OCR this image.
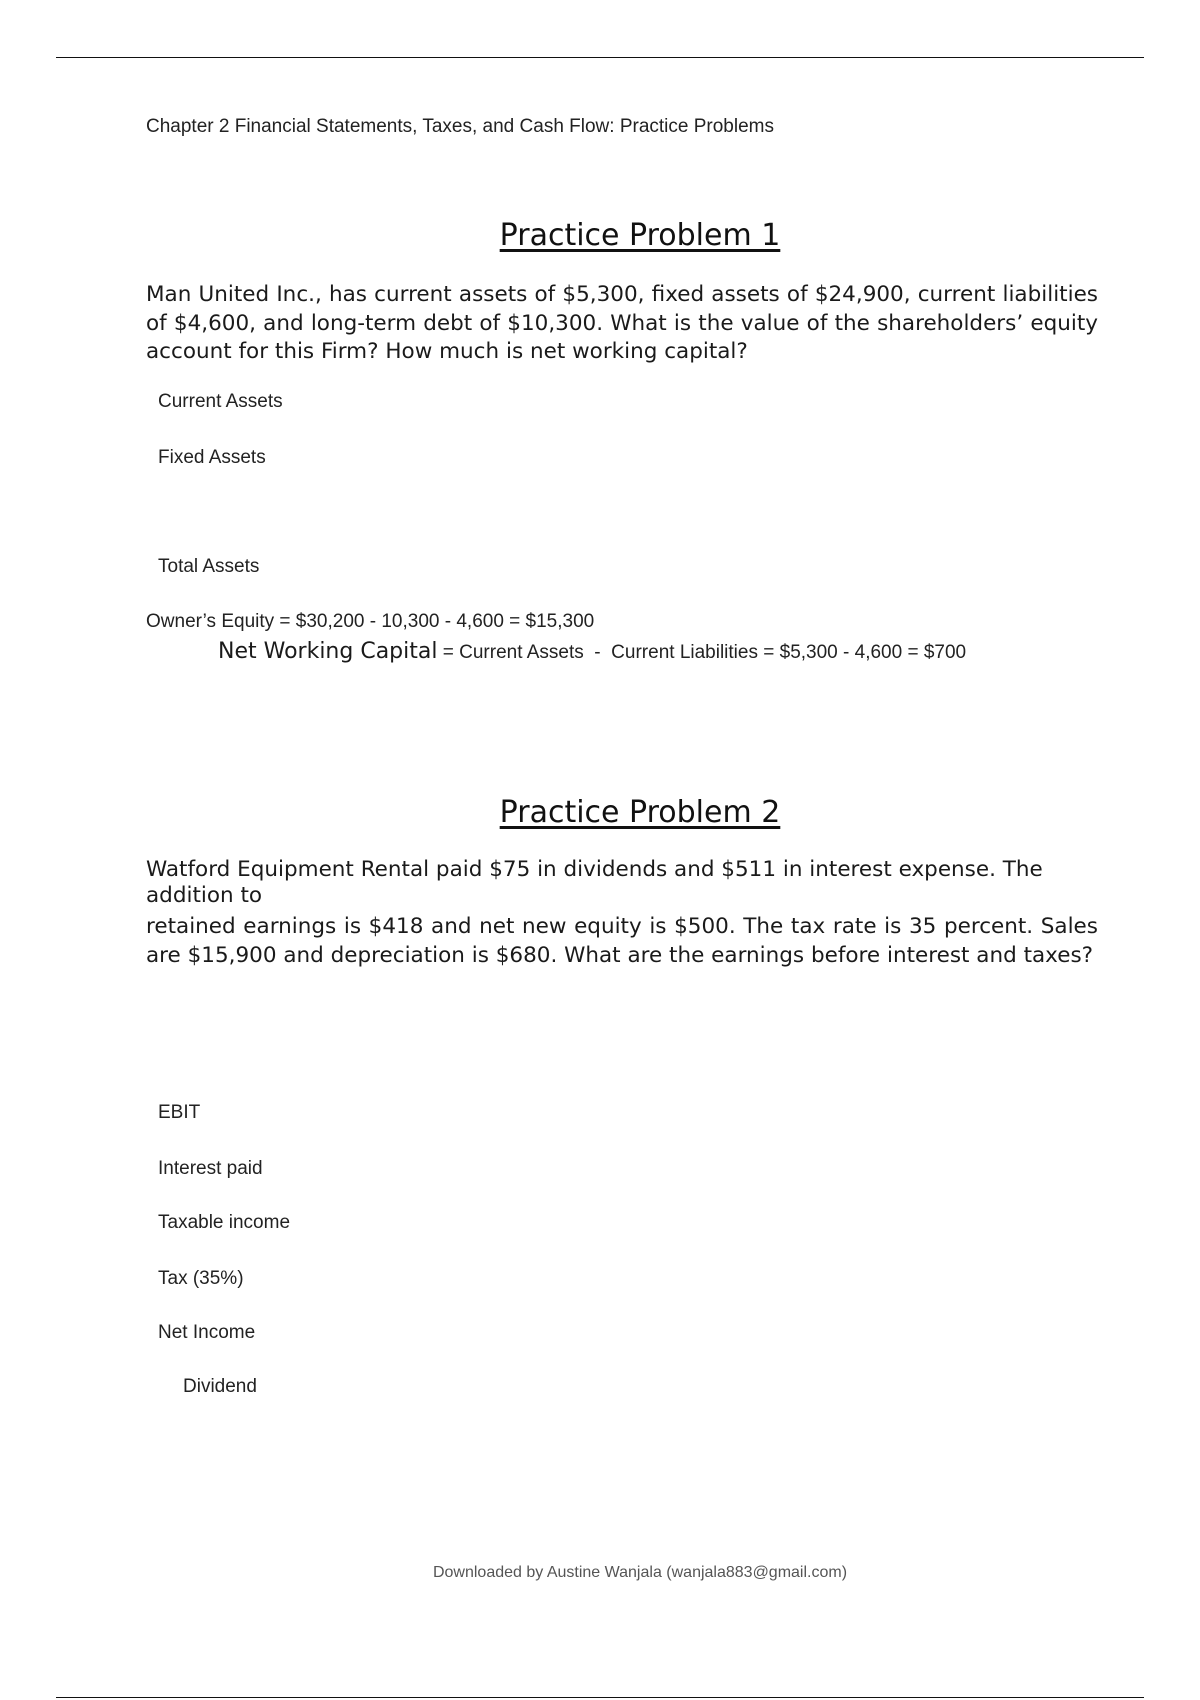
Chapter 2 Financial Statements, Taxes, and Cash Flow: Practice Problems
Practice Problem 1
Man United Inc., has current assets of $5,300, fixed assets of $24,900, current liabilities of $4,600, and long-term debt of $10,300. What is the value of the shareholders’ equity account for this Firm? How much is net working capital?
Current Assets
Fixed Assets
Total Assets
Owner’s Equity = $30,200 - 10,300 - 4,600 = $15,300
Net Working Capital = Current Assets  -  Current Liabilities = $5,300 - 4,600 = $700
Practice Problem 2
Watford Equipment Rental paid $75 in dividends and $511 in interest expense. The addition to
retained earnings is $418 and net new equity is $500. The tax rate is 35 percent. Sales are $15,900 and depreciation is $680. What are the earnings before interest and taxes?
EBIT
Interest paid
Taxable income
Tax (35%)
Net Income
Dividend
Downloaded by Austine Wanjala (wanjala883@gmail.com)
